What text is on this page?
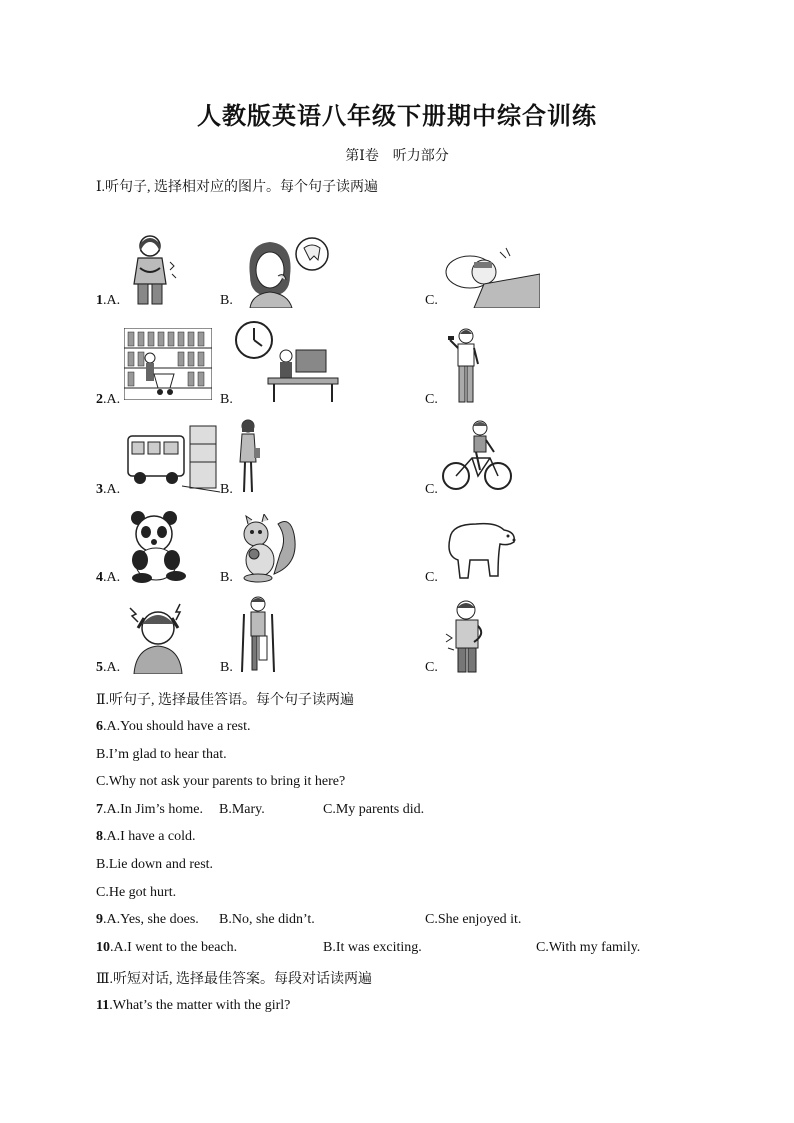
人教版英语八年级下册期中综合训练
第Ⅰ卷　听力部分
Ⅰ.听句子, 选择相对应的图片。每个句子读两遍
1.A.	B.	C.
2.A.	B.	C.
3.A.	B.	C.
4.A.	B.	C.
5.A.	B.	C.
Ⅱ.听句子, 选择最佳答语。每个句子读两遍
6.A.You should have a rest.
B.I’m glad to hear that.
C.Why not ask your parents to bring it here?
7.A.In Jim’s home. B.Mary.	C.My parents did.
8.A.I have a cold.
B.Lie down and rest.
C.He got hurt.
9.A.Yes, she does. B.No, she didn’t.	C.She enjoyed it.
10.A.I went to the beach.	B.It was exciting.	C.With my family.
Ⅲ.听短对话, 选择最佳答案。每段对话读两遍
11.What’s the matter with the girl?
